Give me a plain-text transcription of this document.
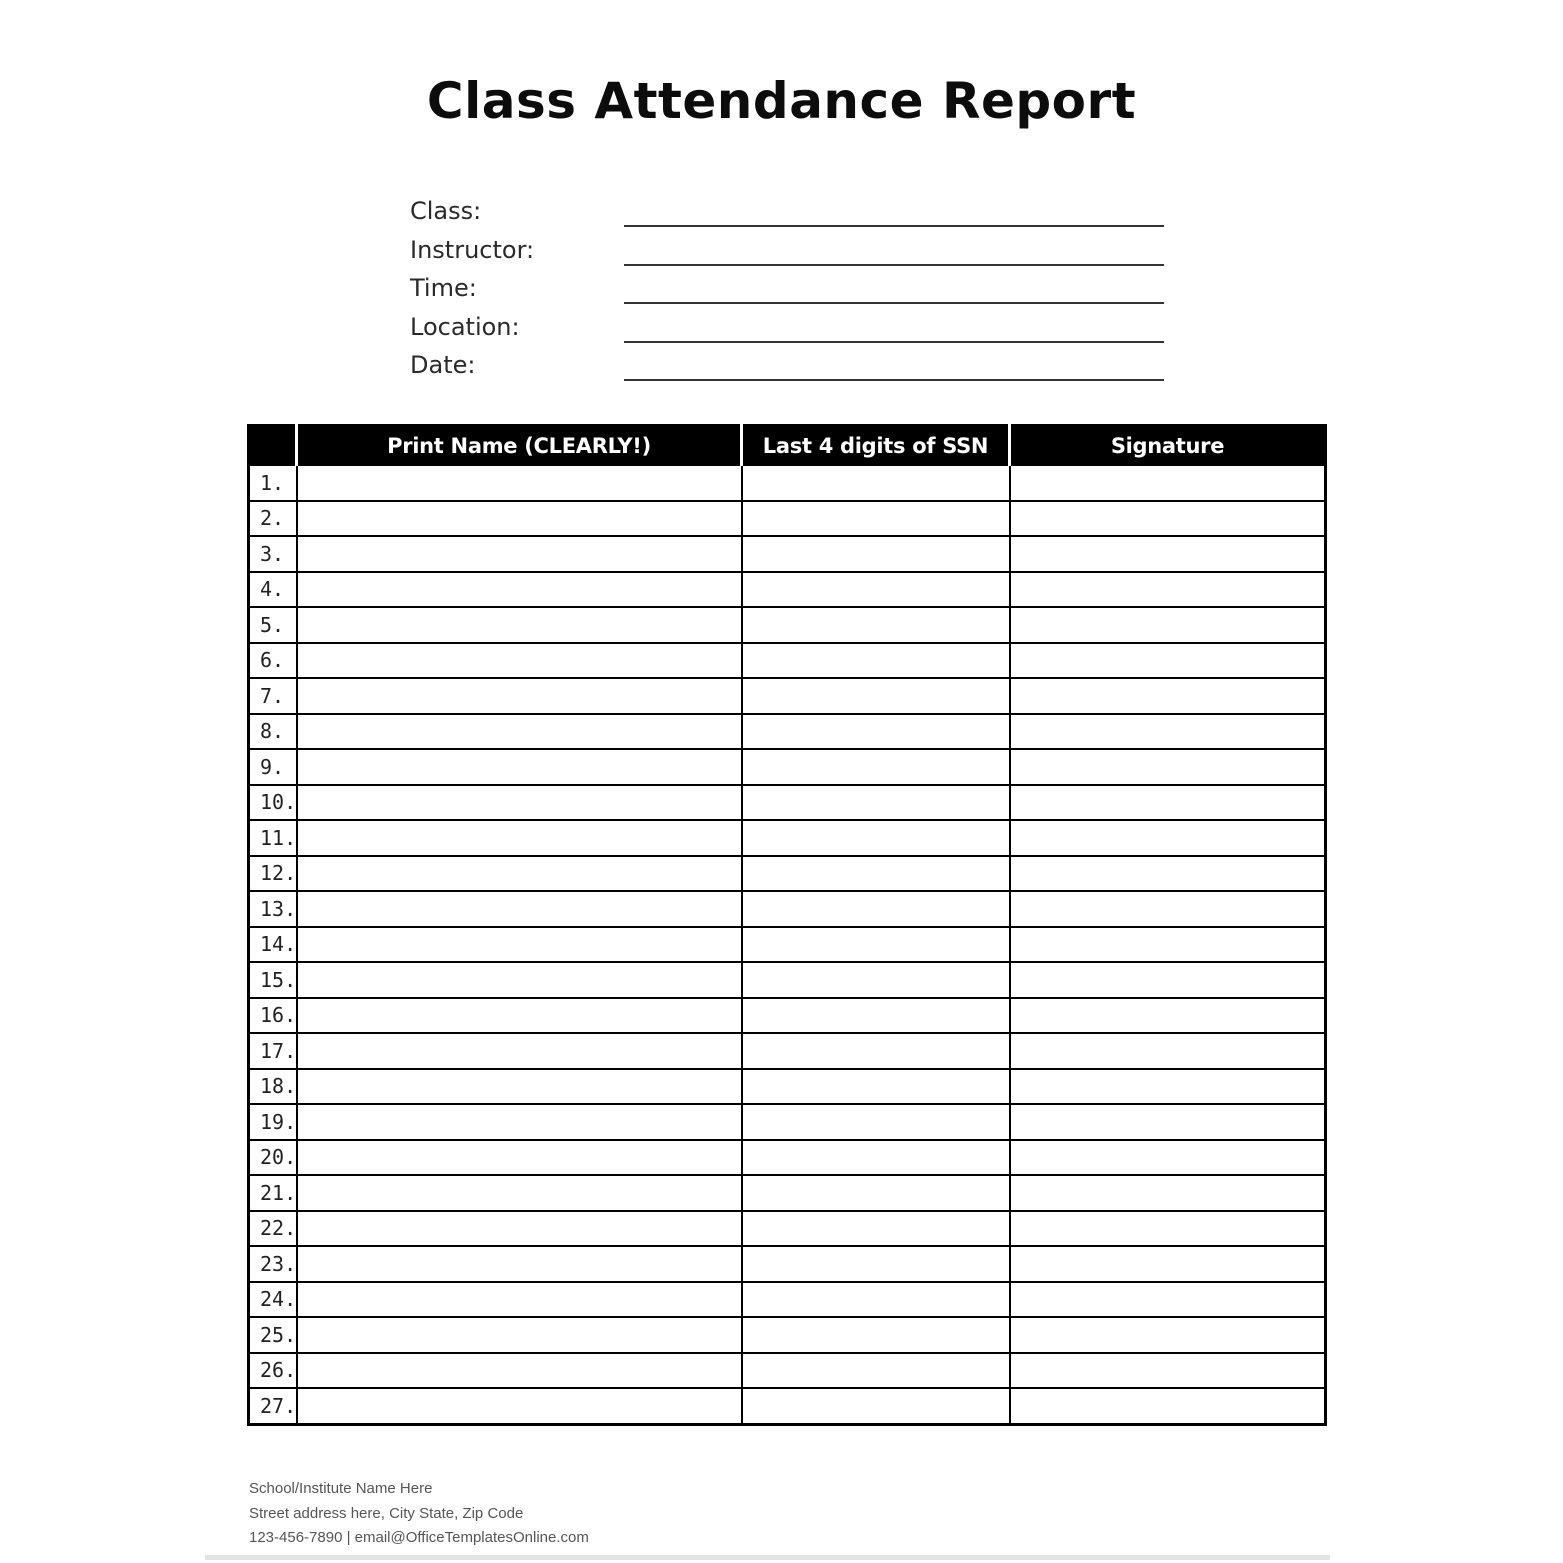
Class Attendance Report
Class:
Instructor:
Time:
Location:
Date:
	Print Name (CLEARLY!)	Last 4 digits of SSN	Signature
1.			
2.			
3.			
4.			
5.			
6.			
7.			
8.			
9.			
10.			
11.			
12.			
13.			
14.			
15.			
16.			
17.			
18.			
19.			
20.			
21.			
22.			
23.			
24.			
25.			
26.			
27.			
School/Institute Name Here
Street address here, City State, Zip Code
123-456-7890 | email@OfficeTemplatesOnline.com
